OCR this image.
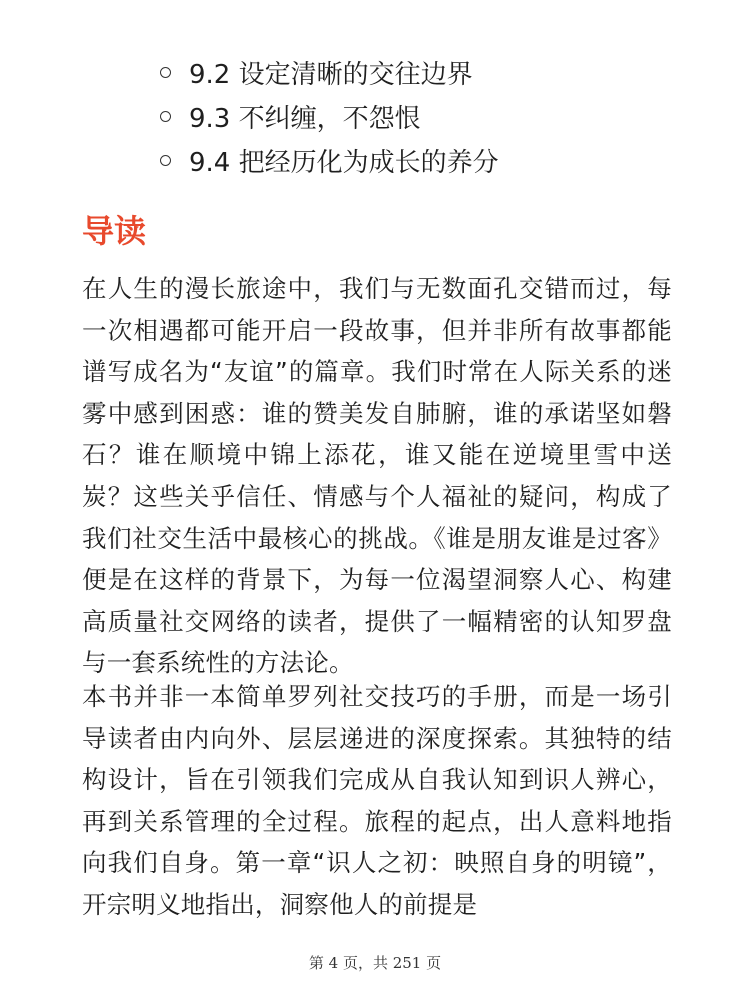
9.2 设定清晰的交往边界
9.3 不纠缠，不怨恨
9.4 把经历化为成长的养分
导读

在人生的漫长旅途中，我们与无数面孔交错而过，每一次相遇都可能开启一段故事，但并非所有故事都能谱写成名为“友谊”的篇章。我们时常在人际关系的迷雾中感到困惑：谁的赞美发自肺腑，谁的承诺坚如磐石？谁在顺境中锦上添花，谁又能在逆境里雪中送炭？这些关乎信任、情感与个人福祉的疑问，构成了我们社交生活中最核心的挑战。《谁是朋友谁是过客》便是在这样的背景下，为每一位渴望洞察人心、构建高质量社交网络的读者，提供了一幅精密的认知罗盘与一套系统性的方法论。

本书并非一本简单罗列社交技巧的手册，而是一场引导读者由内向外、层层递进的深度探索。其独特的结构设计，旨在引领我们完成从自我认知到识人辨心，再到关系管理的全过程。旅程的起点，出人意料地指向我们自身。第一章“识人之初：映照自身的明镜”，开宗明义地指出，洞察他人的前提是

第 4 页，共 251 页
